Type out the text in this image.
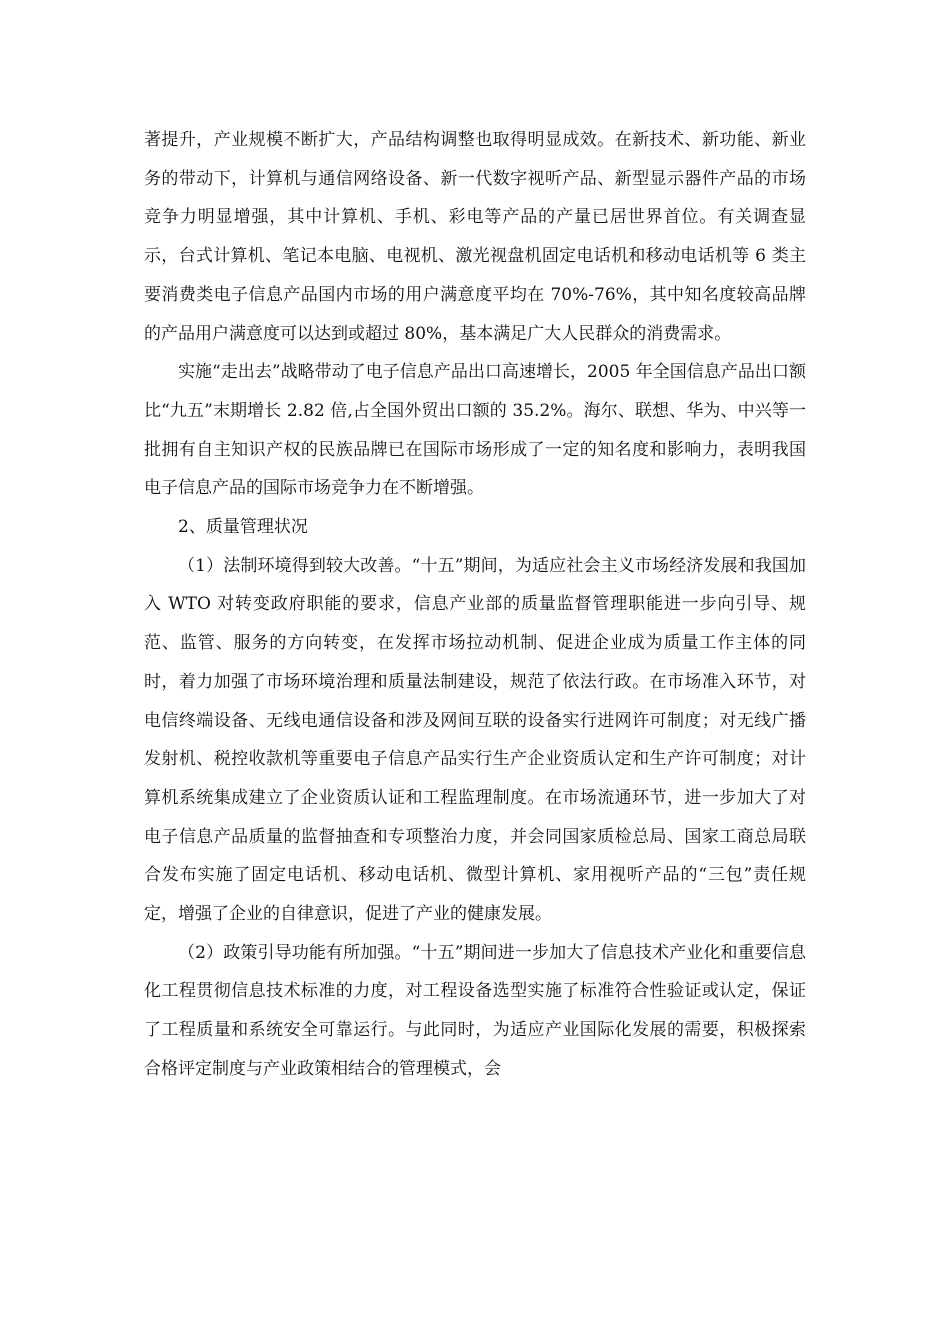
著提升，产业规模不断扩大，产品结构调整也取得明显成效。在新技术、新功能、新业务的带动下，计算机与通信网络设备、新一代数字视听产品、新型显示器件产品的市场竞争力明显增强，其中计算机、手机、彩电等产品的产量已居世界首位。有关调查显示，台式计算机、笔记本电脑、电视机、激光视盘机固定电话机和移动电话机等 6 类主要消费类电子信息产品国内市场的用户满意度平均在 70%-76%，其中知名度较高品牌的产品用户满意度可以达到或超过 80%，基本满足广大人民群众的消费需求。

实施“走出去”战略带动了电子信息产品出口高速增长，2005 年全国信息产品出口额比“九五”末期增长 2.82 倍,占全国外贸出口额的 35.2%。海尔、联想、华为、中兴等一批拥有自主知识产权的民族品牌已在国际市场形成了一定的知名度和影响力，表明我国电子信息产品的国际市场竞争力在不断增强。

2、质量管理状况

（1）法制环境得到较大改善。“十五”期间，为适应社会主义市场经济发展和我国加入 WTO 对转变政府职能的要求，信息产业部的质量监督管理职能进一步向引导、规范、监管、服务的方向转变，在发挥市场拉动机制、促进企业成为质量工作主体的同时，着力加强了市场环境治理和质量法制建设，规范了依法行政。在市场准入环节，对电信终端设备、无线电通信设备和涉及网间互联的设备实行进网许可制度；对无线广播发射机、税控收款机等重要电子信息产品实行生产企业资质认定和生产许可制度；对计算机系统集成建立了企业资质认证和工程监理制度。在市场流通环节，进一步加大了对电子信息产品质量的监督抽查和专项整治力度，并会同国家质检总局、国家工商总局联合发布实施了固定电话机、移动电话机、微型计算机、家用视听产品的“三包”责任规定，增强了企业的自律意识，促进了产业的健康发展。

（2）政策引导功能有所加强。“十五”期间进一步加大了信息技术产业化和重要信息化工程贯彻信息技术标准的力度，对工程设备选型实施了标准符合性验证或认定，保证了工程质量和系统安全可靠运行。与此同时，为适应产业国际化发展的需要，积极探索合格评定制度与产业政策相结合的管理模式，会
